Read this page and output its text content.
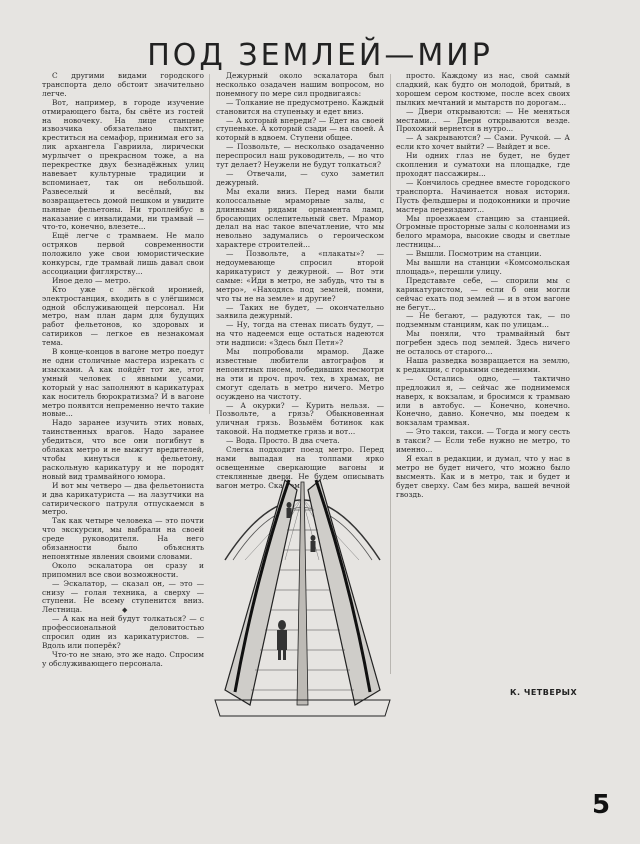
ПОД ЗЕМЛЕЙ—МИР

С другими видами городского транспорта дело обстоит значительно легче.

Вот, например, в городе изучение отмирающего быта, бы свёте из гостей на новочеку. На лице станцеве извозчика обязательно пыхтит, креститься на семафор, принимая его за лик архангела Гавриила, лирически мурлычет о прекрасном тоже, а на перекрестке двух безнадёжных улиц навевает культурные традиции и вспоминает, так он небольшой. Развеселый и весёлый, вы возвращаетесь домой пешком и увидите пьяные фельетоны. Ни троллейбус в наказание с инвалидами, ни трамвай — что-то, конечно, влезете...

Ещё легче с трамваем. Не мало остряков первой современности положило уже свои юмористические конкурсы, где трамвай лишь давал свои ассоциации фиглярству...

Иное дело — метро.

Кто уже с лёгкой иронией, электростанция, входить в с улёгшимся одной обслуживающей персонал. Ни метро, нам план дарм для будущих работ фельетонов, ко здоровых и сатириков — легкое ев незнакомая тема.

В конце-концов в вагоне метро поедут не одни столичные мастера изрекать с изысками. А как пойдёт тот же, этот умный человек с явными усами, который у нас заполняют в карикатурах как носитель бюрократизма? И в вагоне метро появятся непременно нечто такие новые...

Надо заранее изучить этих новых, таинственных врагов. Надо заранее убедиться, что все они погибнут в облаках метро и не выжгут вредителей, чтобы кинуться к фельетону, раскольную карикатуру и не породят новый вид трамвайного юмора.

И вот мы четверо — два фельетониста и два карикатуриста — на лазутчики на сатирического патруля отпускаемся в метро.

Так как четыре человека — это почти что экскурсия, мы выбрали на своей среде руководителя. На него обязанности было объяснять непонятные явления своими словами.

Около эскалатора он сразу и припомнил все свои возможности.

— Эскалатор, — сказал он, — это — снизу — голая техника, а сверху — ступени. Не всему ступенится вниз. Лестница.

— А как на ней будут толкаться? — с профессиональной деловитостью спросил один из карикатуристов. — Вдоль или поперёк?

Что-то не знаю, это же надо. Спросим у обслуживающего персонала.

Дежурный около эскалатора был несколько озадачен нашим вопросом, но понемногу по мере сил продвигаясь:

— Толкание не предусмотрено. Каждый становится на ступеньку и едет вниз.

— А который впереди? — Едет на своей ступеньке. А который сзади — на своей. А который в вдвоем. Ступени общее.

— Позвольте, — несколько озадаченно переспросил наш руководитель, — но что тут делает? Неужели не будут толкаться?

— Отвечали, — сухо заметил дежурный.

Мы ехали вниз. Перед нами были колоссальные мраморные залы, с длинными рядами орнамента ламп, бросающих ослепительный свет. Мрамор делал на нас такое впечатление, что мы невольно задумались о героическом характере строителей...

— Позвольте, а «плакаты»? — недоумевающе спросил второй карикатурист у дежурной. — Вот эти самые: «Иди в метро, не забудь, что ты в метро», «Находясь под землей, помни, что ты не на земле» и другие?

— Таких не будет, — окончательно заявила дежурный.

— Ну, тогда на стенах писать будут, — на что надеемся еще остаться надеются эти надписи: «Здесь был Петя»?

Мы попробовали мрамор. Даже известные любители автографов и непонятных писем, победивших несмотря на эти и проч. проч. тех, в храмах, не смогут сделать в метро ничего. Метро осуждено на чистоту.

— А окурки? — Курить нельзя. — Позвольте, а грязь? Обыкновенная уличная грязь. Возьмём ботинок как таковой. На подметке грязь и вот...

— Вода. Просто. В два счета.

Слегка подходит поезд метро. Перед нами выпадая на толпами ярко освещенные сверкающие вагоны и стеклянные двери. Не будем описывать вагон метро. Скажем

просто. Каждому из нас, свой самый сладкий, как будто он молодой, бритый, в хорошем сером костюме, после всех своих пылких мечтаний и мытарств по дорогам...

— Двери открываются: — Не меняться местами... — Двери открываются везде. Прохожий вернется в нутро...

— А закрываются? — Сами. Ручкой. — А если кто хочет выйти? — Выйдет и все.

Ни одних глаз не будет, не будет скопления и суматохи на площадке, где проходят пассажиры...

— Кончилось среднее вместе городского транспорта. Начинается новая история. Пусть фельдшеры и подоконники и прочие мастера переиздают...

Мы проезжаем станцию за станцией. Огромные просторные залы с колоннами из белого мрамора, высокие своды и светлые лестницы...

— Вышли. Посмотрим на станции.

Мы вышли на станции «Комсомольская площадь», перешли улицу.

Представьте себе, — спорили мы с карикатуристом, — если б они могли сейчас ехать под землей — и в этом вагоне не бегут...

— Не бегают, — радуются так, — по подземным станциям, как по улицам...

Мы поняли, что трамвайный быт погребен здесь под землей. Здесь ничего не осталось от старого...

Наша разведка возвращается на землю, к редакции, с горькими сведениями.

— Остались одно, — тактично предложил я, — сейчас же поднимемся наверх, к вокзалам, и бросимся к трамваю или в автобус. — Конечно, конечно. Конечно, давно. Конечно, мы поедем к вокзалам трамвая.

— Это такси, такси. — Тогда и могу сесть в такси? — Если тебе нужно не метро, то именно...

Я ехал в редакции, и думал, что у нас в метро не будет ничего, что можно было высмеять. Как и в метро, так и будет и будет сверху. Сам без мира, вашей вечной гвоздь.

◆
К. ЧЕТВЕРЫХ
5
